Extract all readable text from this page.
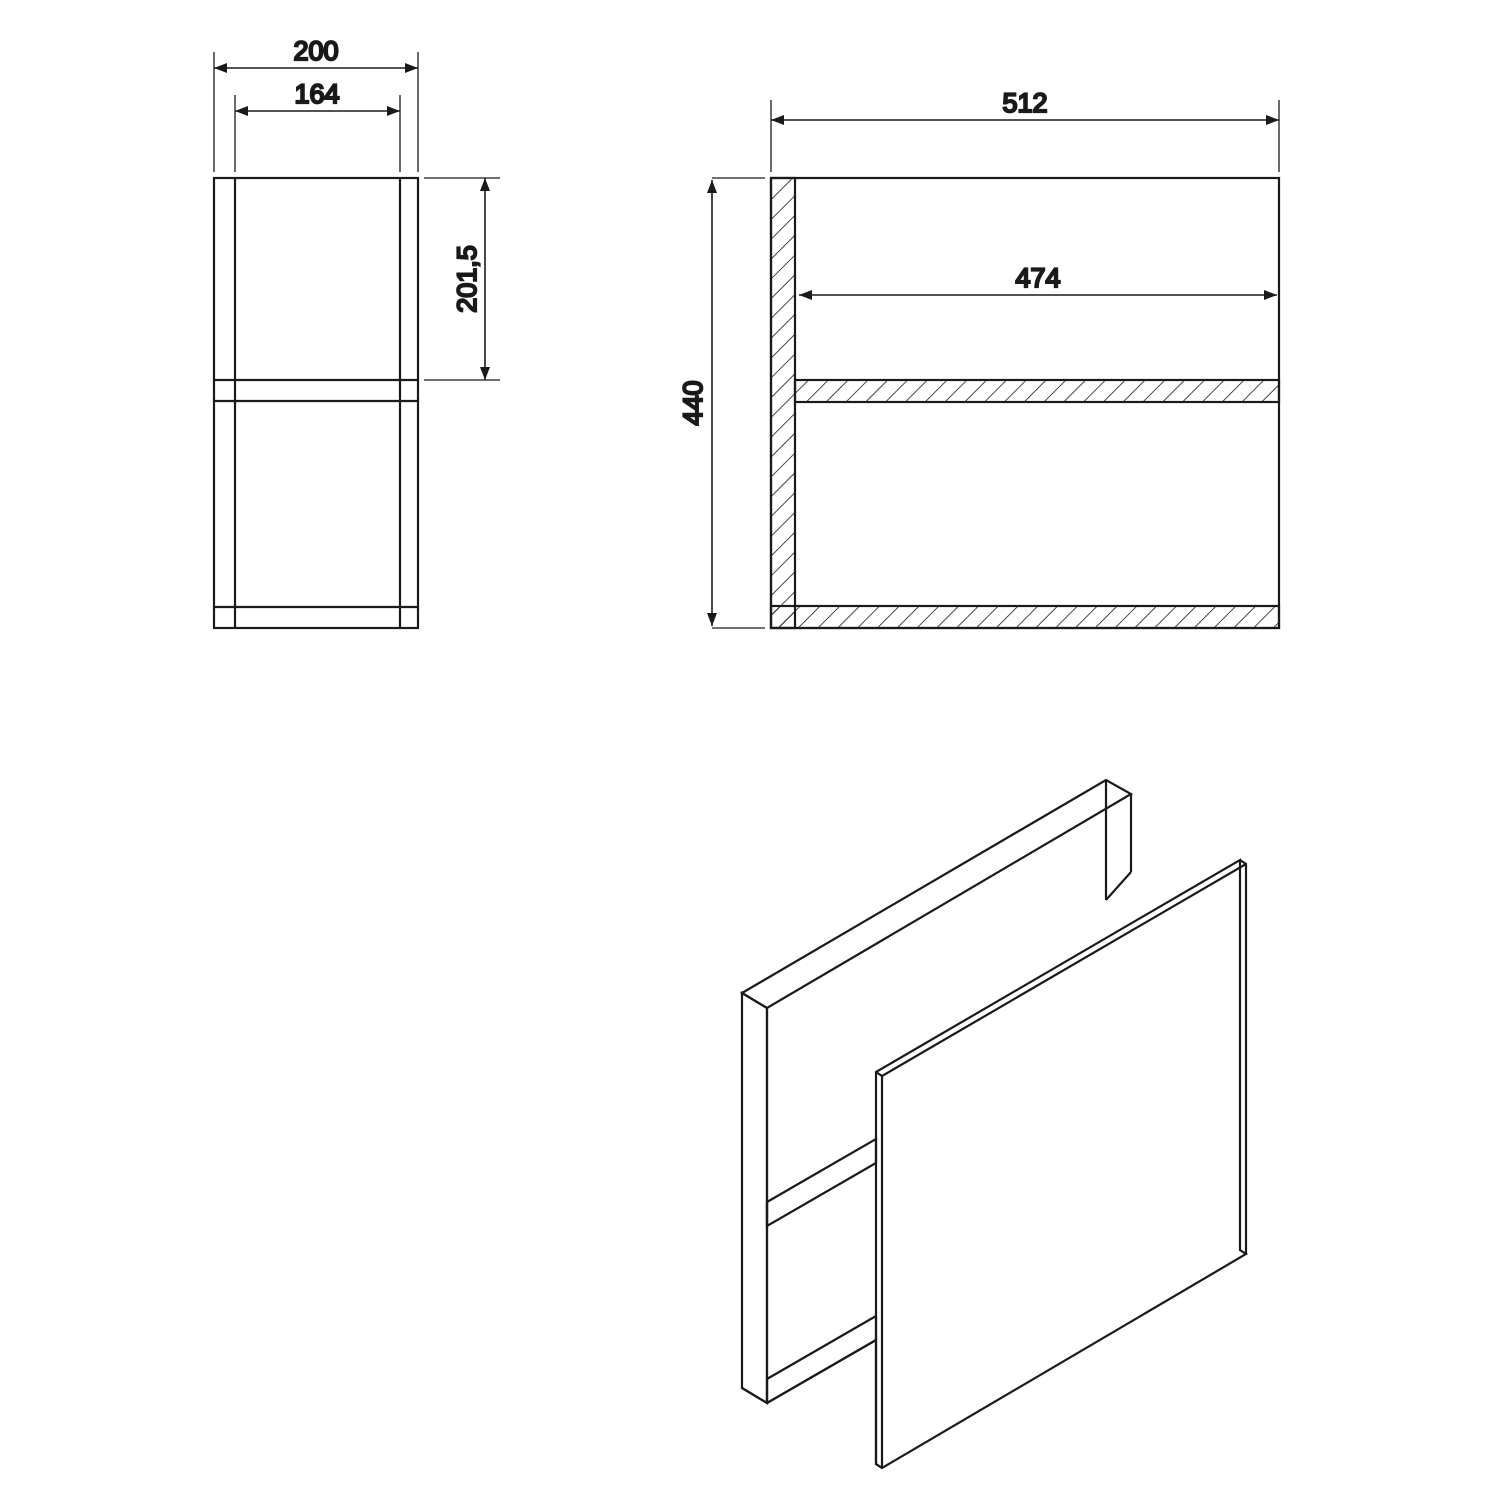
200
164
201,5
512
474
440
